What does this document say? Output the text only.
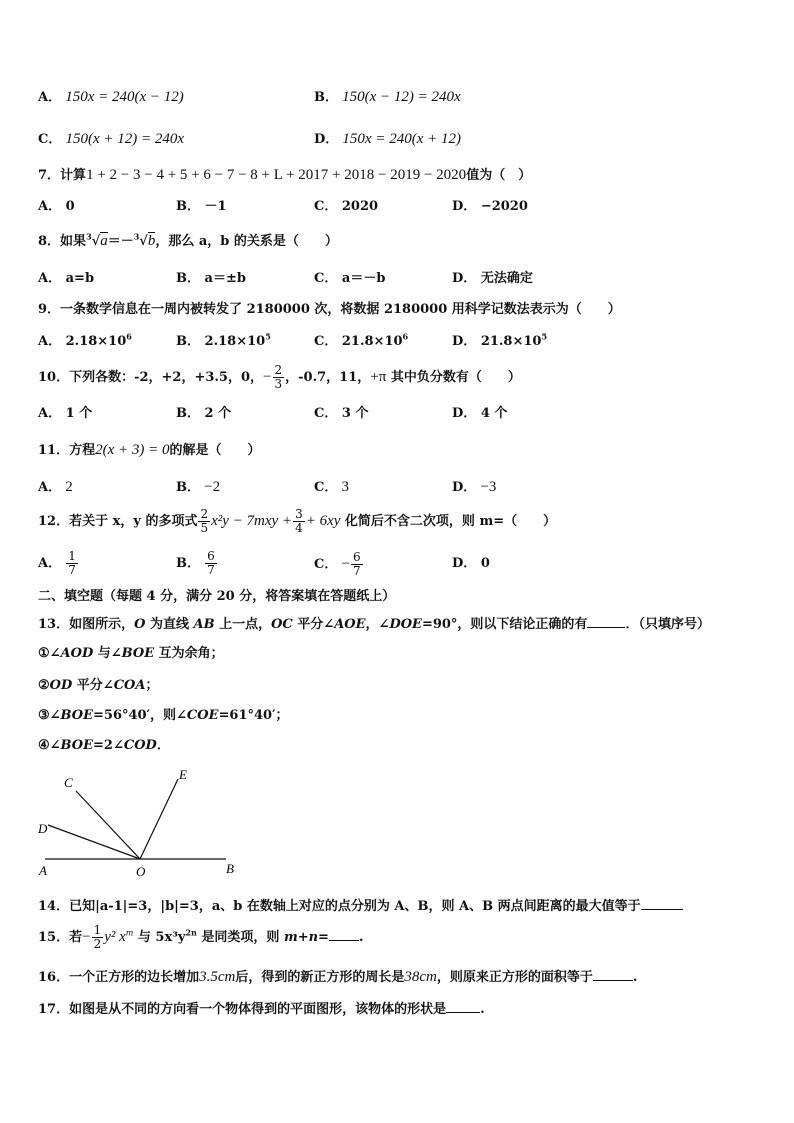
A． 150x = 240(x − 12)	B． 150(x − 12) = 240x
C． 150(x + 12) = 240x	D． 150x = 240(x + 12)
7．计算1 + 2 − 3 − 4 + 5 + 6 − 7 − 8 + L + 2017 + 2018 − 2019 − 2020值为（　）
A． 0	B． －1	C． 2020	D． −2020
8．如果$^3$√a＝－$^3$√b，那么 a，b 的关系是（　　）
A． a=b	B． a＝±b	C． a＝－b	D． 无法确定
9．一条数学信息在一周内被转发了 2180000 次，将数据 2180000 用科学记数法表示为（　　）
A． $2.18\times 10^6$	B． $2.18\times 10^5$	C． $21.8\times 10^6$	D． $21.8\times 10^5$
10．下列各数：-2，+2，+3.5，0，− $\frac{2}{3}$ ，-0.7，11，+π 其中负分数有（　　）
A． 1 个	B． 2 个	C． 3 个	D． 4 个
11．方程2(x + 3) = 0的解是（　　）
A． 2	B． −2	C． 3	D． −3
12．若关于 x，y 的多项式 $\frac{2}{5} x^2y - 7mxy + \frac{3}{4} + 6xy$ 化简后不含二次项，则 m=（　　）
A． $\frac{1}{7}$	B． $\frac{6}{7}$	C． − $\frac{6}{7}$	D． 0
二、填空题（每题 4 分，满分 20 分，将答案填在答题纸上）
13．如图所示，O 为直线 AB 上一点，OC 平分∠AOE，∠DOE=90°，则以下结论正确的有	．（只填序号）
①∠AOD 与∠BOE 互为余角；
②OD 平分∠COA；
③∠BOE=56°40′，则∠COE=61°40′；
④∠BOE=2∠COD．
A	B
C
D
E
O
14．已知|a-1|=3，|b|=3，a、b 在数轴上对应的点分别为 A、B，则 A、B 两点间距离的最大值等于
15．若− $\frac{1}{2} y^2$ $x^m$ 与 $5x^3y^{2n}$ 是同类项，则 m+n= .
16．一个正方形的边长增加3.5cm后，得到的新正方形的周长是38cm，则原来正方形的面积等于	.
17．如图是从不同的方向看一个物体得到的平面图形，该物体的形状是	.
